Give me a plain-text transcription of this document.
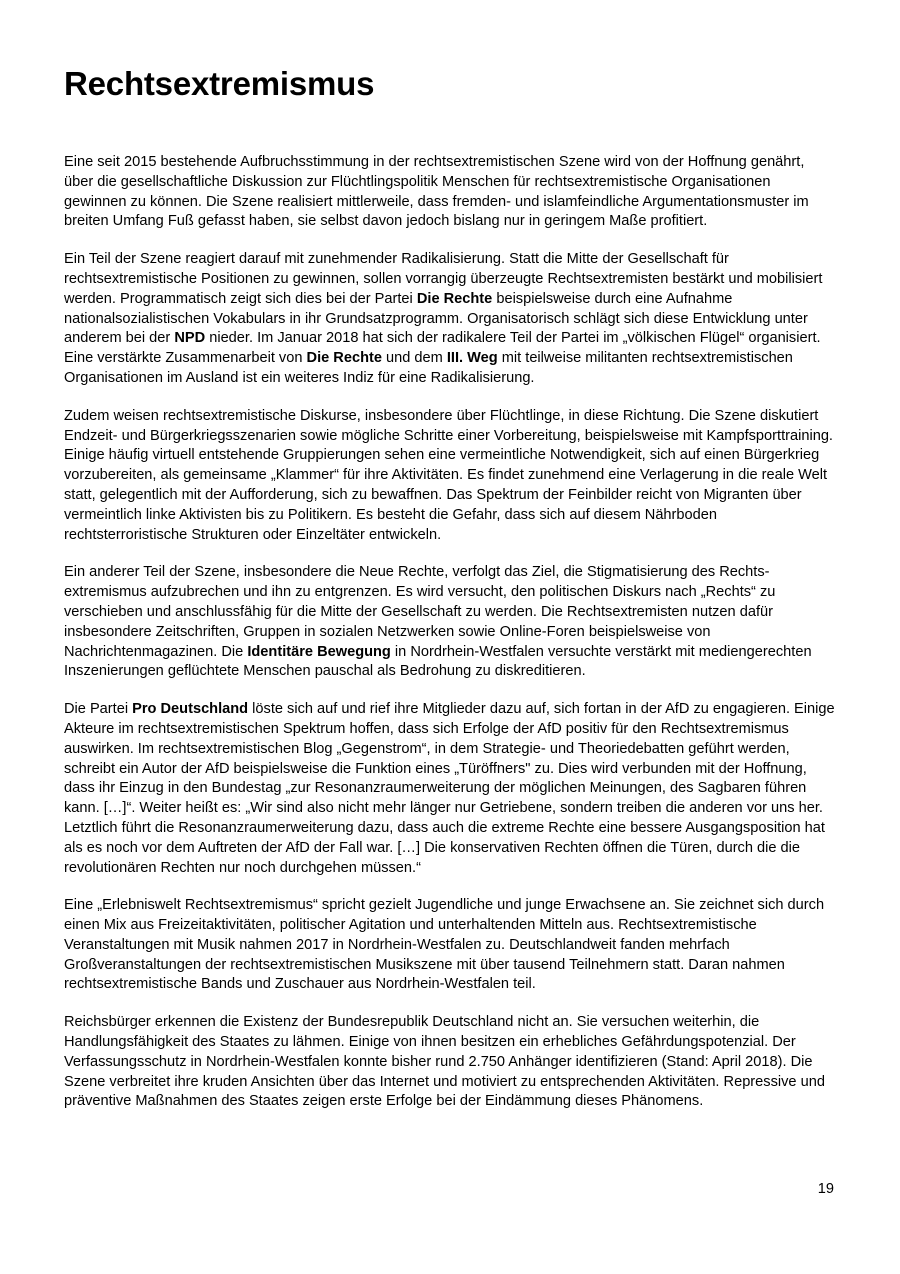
Rechtsextremismus

Eine seit 2015 bestehende Aufbruchsstimmung in der rechtsextremistischen Szene wird von der Hoffnung genährt, über die gesellschaftliche Diskussion zur Flüchtlingspolitik Menschen für rechtsextremistische Organisationen gewinnen zu können. Die Szene realisiert mittlerweile, dass fremden- und islamfeindliche Argumentationsmuster im breiten Umfang Fuß gefasst haben, sie selbst davon jedoch bislang nur in geringem Maße profitiert.

Ein Teil der Szene reagiert darauf mit zunehmender Radikalisierung. Statt die Mitte der Gesellschaft für rechtsextremistische Positionen zu gewinnen, sollen vorrangig überzeugte Rechtsextremisten bestärkt und mobilisiert werden. Programmatisch zeigt sich dies bei der Partei Die Rechte beispielsweise durch eine Aufnahme nationalsozialistischen Vokabulars in ihr Grundsatzprogramm. Organisatorisch schlägt sich diese Entwicklung unter anderem bei der NPD nieder. Im Januar 2018 hat sich der radikalere Teil der Partei im „völkischen Flügel“ organisiert. Eine verstärkte Zusammenarbeit von Die Rechte und dem III. Weg mit teilweise militanten rechtsextremistischen Organisationen im Ausland ist ein weiteres Indiz für eine Radikalisierung.

Zudem weisen rechtsextremistische Diskurse, insbesondere über Flüchtlinge, in diese Richtung. Die Szene diskutiert Endzeit- und Bürgerkriegsszenarien sowie mögliche Schritte einer Vorbereitung, beispielsweise mit Kampfsporttraining. Einige häufig virtuell entstehende Gruppierungen sehen eine vermeintliche Notwendigkeit, sich auf einen Bürgerkrieg vorzubereiten, als gemeinsame „Klammer“ für ihre Aktivitäten. Es findet zunehmend eine Verlagerung in die reale Welt statt, gelegentlich mit der Aufforderung, sich zu bewaffnen. Das Spektrum der Feinbilder reicht von Migranten über vermeintlich linke Aktivisten bis zu Politikern. Es besteht die Gefahr, dass sich auf diesem Nährboden rechtsterroristische Strukturen oder Einzeltäter entwickeln.

Ein anderer Teil der Szene, insbesondere die Neue Rechte, verfolgt das Ziel, die Stigmatisierung des Rechts-extremismus aufzubrechen und ihn zu entgrenzen. Es wird versucht, den politischen Diskurs nach „Rechts“ zu verschieben und anschlussfähig für die Mitte der Gesellschaft zu werden. Die Rechtsextremisten nutzen dafür insbesondere Zeitschriften, Gruppen in sozialen Netzwerken sowie Online-Foren beispielsweise von Nachrichtenmagazinen. Die Identitäre Bewegung in Nordrhein-Westfalen versuchte verstärkt mit mediengerechten Inszenierungen geflüchtete Menschen pauschal als Bedrohung zu diskreditieren.

Die Partei Pro Deutschland löste sich auf und rief ihre Mitglieder dazu auf, sich fortan in der AfD zu engagieren. Einige Akteure im rechtsextremistischen Spektrum hoffen, dass sich Erfolge der AfD positiv für den Rechtsextremismus auswirken. Im rechtsextremistischen Blog „Gegenstrom“, in dem Strategie- und Theoriedebatten geführt werden, schreibt ein Autor der AfD beispielsweise die Funktion eines „Türöffners" zu. Dies wird verbunden mit der Hoffnung, dass ihr Einzug in den Bundestag „zur Resonanzraumerweiterung der möglichen Meinungen, des Sagbaren führen kann. […]“. Weiter heißt es: „Wir sind also nicht mehr länger nur Getriebene, sondern treiben die anderen vor uns her. Letztlich führt die Resonanzraumerweiterung dazu, dass auch die extreme Rechte eine bessere Ausgangsposition hat als es noch vor dem Auftreten der AfD der Fall war. […] Die konservativen Rechten öffnen die Türen, durch die die revolutionären Rechten nur noch durchgehen müssen.“

Eine „Erlebniswelt Rechtsextremismus“ spricht gezielt Jugendliche und junge Erwachsene an. Sie zeichnet sich durch einen Mix aus Freizeitaktivitäten, politischer Agitation und unterhaltenden Mitteln aus. Rechtsextremistische Veranstaltungen mit Musik nahmen 2017 in Nordrhein-Westfalen zu. Deutschlandweit fanden mehrfach Großveranstaltungen der rechtsextremistischen Musikszene mit über tausend Teilnehmern statt. Daran nahmen rechtsextremistische Bands und Zuschauer aus Nordrhein-Westfalen teil.

Reichsbürger erkennen die Existenz der Bundesrepublik Deutschland nicht an. Sie versuchen weiterhin, die Handlungsfähigkeit des Staates zu lähmen. Einige von ihnen besitzen ein erhebliches Gefährdungspotenzial. Der Verfassungsschutz in Nordrhein-Westfalen konnte bisher rund 2.750 Anhänger identifizieren (Stand: April 2018). Die Szene verbreitet ihre kruden Ansichten über das Internet und motiviert zu entsprechenden Aktivitäten. Repressive und präventive Maßnahmen des Staates zeigen erste Erfolge bei der Eindämmung dieses Phänomens.

19
